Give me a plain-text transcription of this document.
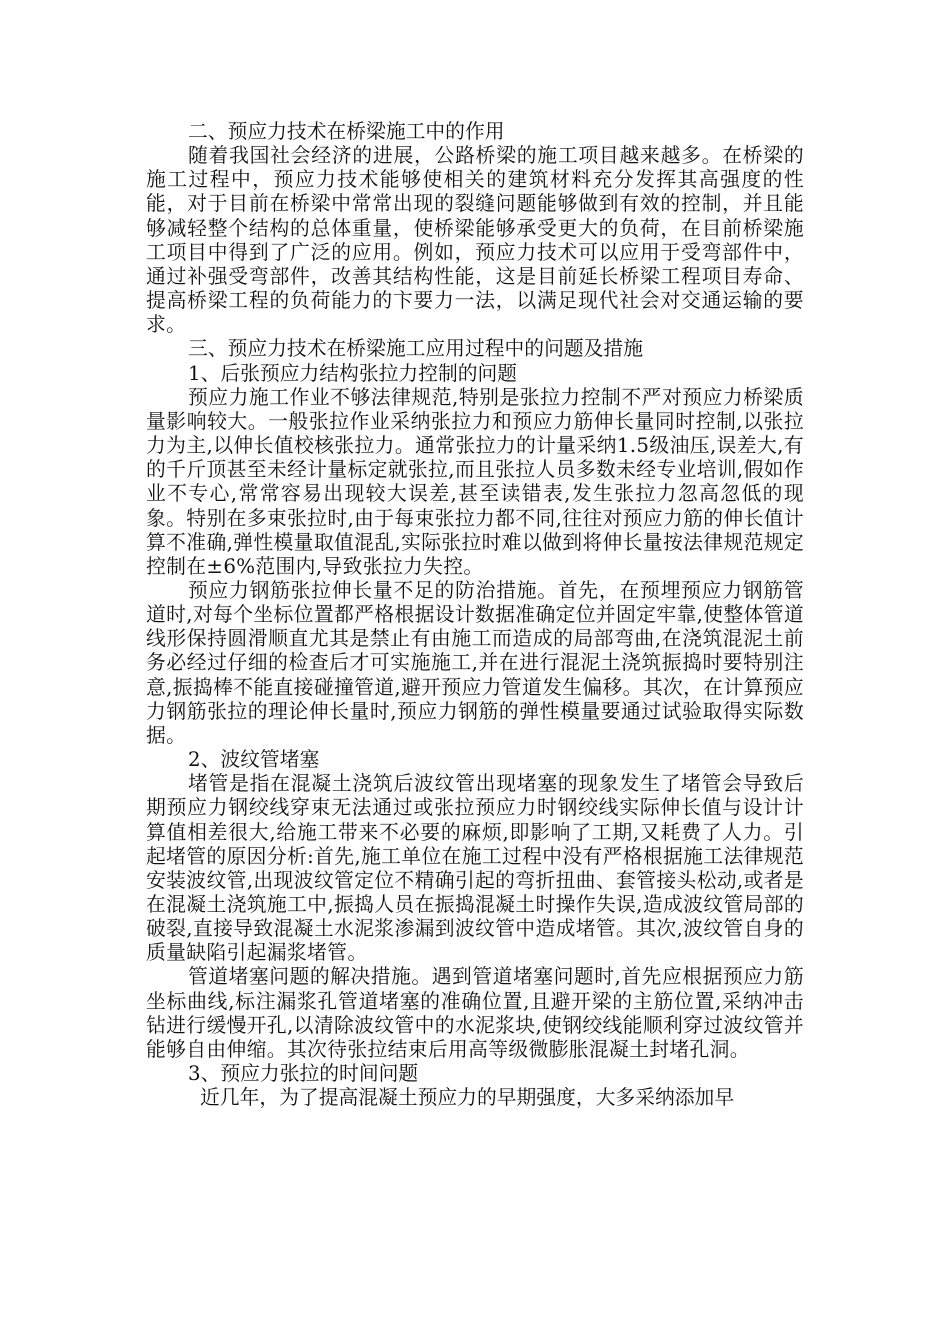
二、预应力技术在桥梁施工中的作用

随着我国社会经济的进展，公路桥梁的施工项目越来越多。在桥梁的施工过程中，预应力技术能够使相关的建筑材料充分发挥其高强度的性能，对于目前在桥梁中常常出现的裂缝问题能够做到有效的控制，并且能够减轻整个结构的总体重量，使桥梁能够承受更大的负荷，在目前桥梁施工项目中得到了广泛的应用。例如，预应力技术可以应用于受弯部件中，通过补强受弯部件，改善其结构性能，这是目前延长桥梁工程项目寿命、提高桥梁工程的负荷能力的卞要力一法，以满足现代社会对交通运输的要求。

三、预应力技术在桥梁施工应用过程中的问题及措施

1、后张预应力结构张拉力控制的问题

预应力施工作业不够法律规范,特别是张拉力控制不严对预应力桥梁质量影响较大。一般张拉作业采纳张拉力和预应力筋伸长量同时控制,以张拉力为主,以伸长值校核张拉力。通常张拉力的计量采纳1.5级油压,误差大,有的千斤顶甚至未经计量标定就张拉,而且张拉人员多数未经专业培训,假如作业不专心,常常容易出现较大误差,甚至读错表,发生张拉力忽高忽低的现象。特别在多束张拉时,由于每束张拉力都不同,往往对预应力筋的伸长值计算不准确,弹性模量取值混乱,实际张拉时难以做到将伸长量按法律规范规定控制在±6%范围内,导致张拉力失控。

预应力钢筋张拉伸长量不足的防治措施。首先，在预埋预应力钢筋管道时,对每个坐标位置都严格根据设计数据准确定位并固定牢靠,使整体管道线形保持圆滑顺直尤其是禁止有由施工而造成的局部弯曲,在浇筑混泥土前务必经过仔细的检查后才可实施施工,并在进行混泥土浇筑振捣时要特别注意,振捣棒不能直接碰撞管道,避开预应力管道发生偏移。其次，在计算预应力钢筋张拉的理论伸长量时,预应力钢筋的弹性模量要通过试验取得实际数据。

2、波纹管堵塞

堵管是指在混凝土浇筑后波纹管出现堵塞的现象发生了堵管会导致后期预应力钢绞线穿束无法通过或张拉预应力时钢绞线实际伸长值与设计计算值相差很大,给施工带来不必要的麻烦,即影响了工期,又耗费了人力。引起堵管的原因分析:首先,施工单位在施工过程中没有严格根据施工法律规范安装波纹管,出现波纹管定位不精确引起的弯折扭曲、套管接头松动,或者是在混凝土浇筑施工中,振捣人员在振捣混凝土时操作失误,造成波纹管局部的破裂,直接导致混凝土水泥浆渗漏到波纹管中造成堵管。其次,波纹管自身的质量缺陷引起漏浆堵管。

管道堵塞问题的解决措施。遇到管道堵塞问题时,首先应根据预应力筋坐标曲线,标注漏浆孔管道堵塞的准确位置,且避开梁的主筋位置,采纳冲击钻进行缓慢开孔,以清除波纹管中的水泥浆块,使钢绞线能顺利穿过波纹管并能够自由伸缩。其次待张拉结束后用高等级微膨胀混凝土封堵孔洞。

3、预应力张拉的时间问题

近几年，为了提高混凝土预应力的早期强度，大多采纳添加早
